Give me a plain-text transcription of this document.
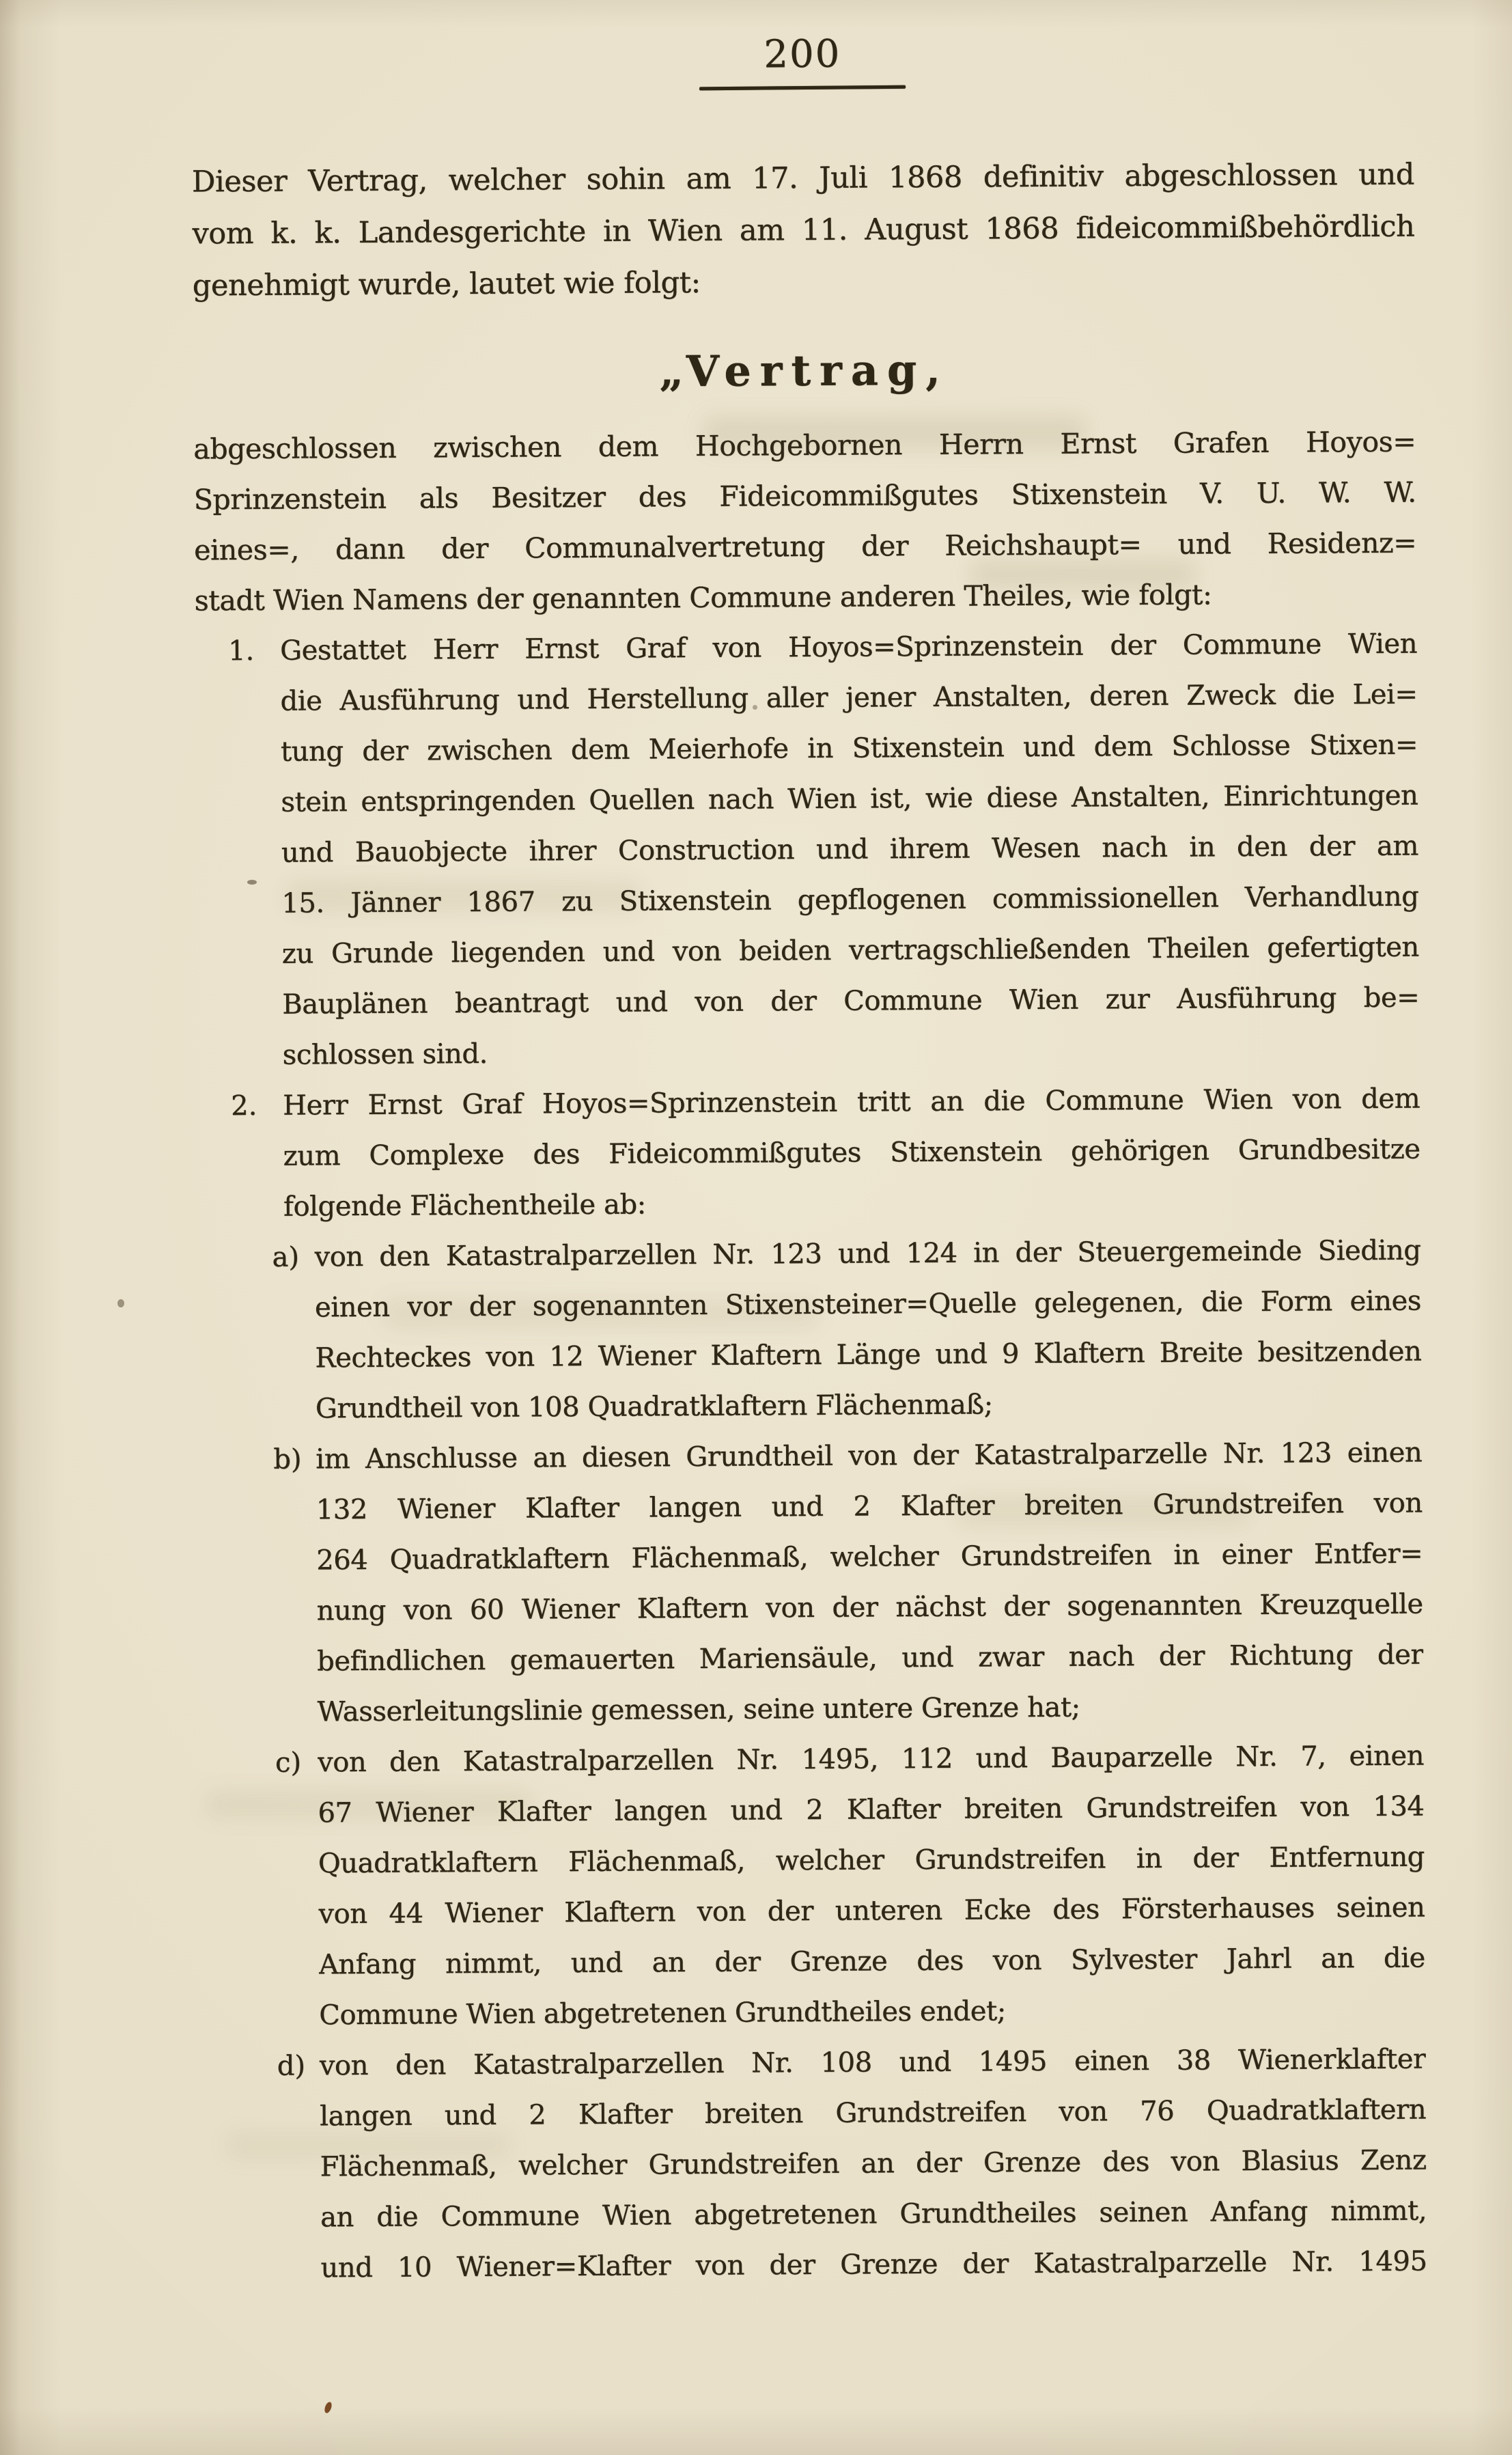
200
Dieser Vertrag, welcher sohin am 17. Juli 1868 definitiv abgeschlossen und
vom k. k. Landesgerichte in Wien am 11. August 1868 fideicommißbehördlich
genehmigt wurde, lautet wie folgt:
„Vertrag,
abgeschlossen zwischen dem Hochgebornen Herrn Ernst Grafen Hoyos=
Sprinzenstein als Besitzer des Fideicommißgutes Stixenstein V. U. W. W.
eines=, dann der Communalvertretung der Reichshaupt= und Residenz=
stadt Wien Namens der genannten Commune anderen Theiles, wie folgt:
1. Gestattet Herr Ernst Graf von Hoyos=Sprinzenstein der Commune Wien
die Ausführung und Herstellung aller jener Anstalten, deren Zweck die Lei=
tung der zwischen dem Meierhofe in Stixenstein und dem Schlosse Stixen=
stein entspringenden Quellen nach Wien ist, wie diese Anstalten, Einrichtungen
und Bauobjecte ihrer Construction und ihrem Wesen nach in den der am
15. Jänner 1867 zu Stixenstein gepflogenen commissionellen Verhandlung
zu Grunde liegenden und von beiden vertragschließenden Theilen gefertigten
Bauplänen beantragt und von der Commune Wien zur Ausführung be=
schlossen sind.
2. Herr Ernst Graf Hoyos=Sprinzenstein tritt an die Commune Wien von dem
zum Complexe des Fideicommißgutes Stixenstein gehörigen Grundbesitze
folgende Flächentheile ab:
a) von den Katastralparzellen Nr. 123 und 124 in der Steuergemeinde Sieding
einen vor der sogenannten Stixensteiner=Quelle gelegenen, die Form eines
Rechteckes von 12 Wiener Klaftern Länge und 9 Klaftern Breite besitzenden
Grundtheil von 108 Quadratklaftern Flächenmaß;
b) im Anschlusse an diesen Grundtheil von der Katastralparzelle Nr. 123 einen
132 Wiener Klafter langen und 2 Klafter breiten Grundstreifen von
264 Quadratklaftern Flächenmaß, welcher Grundstreifen in einer Entfer=
nung von 60 Wiener Klaftern von der nächst der sogenannten Kreuzquelle
befindlichen gemauerten Mariensäule, und zwar nach der Richtung der
Wasserleitungslinie gemessen, seine untere Grenze hat;
c) von den Katastralparzellen Nr. 1495, 112 und Bauparzelle Nr. 7, einen
67 Wiener Klafter langen und 2 Klafter breiten Grundstreifen von 134
Quadratklaftern Flächenmaß, welcher Grundstreifen in der Entfernung
von 44 Wiener Klaftern von der unteren Ecke des Försterhauses seinen
Anfang nimmt, und an der Grenze des von Sylvester Jahrl an die
Commune Wien abgetretenen Grundtheiles endet;
d) von den Katastralparzellen Nr. 108 und 1495 einen 38 Wienerklafter
langen und 2 Klafter breiten Grundstreifen von 76 Quadratklaftern
Flächenmaß, welcher Grundstreifen an der Grenze des von Blasius Zenz
an die Commune Wien abgetretenen Grundtheiles seinen Anfang nimmt,
und 10 Wiener=Klafter von der Grenze der Katastralparzelle Nr. 1495
